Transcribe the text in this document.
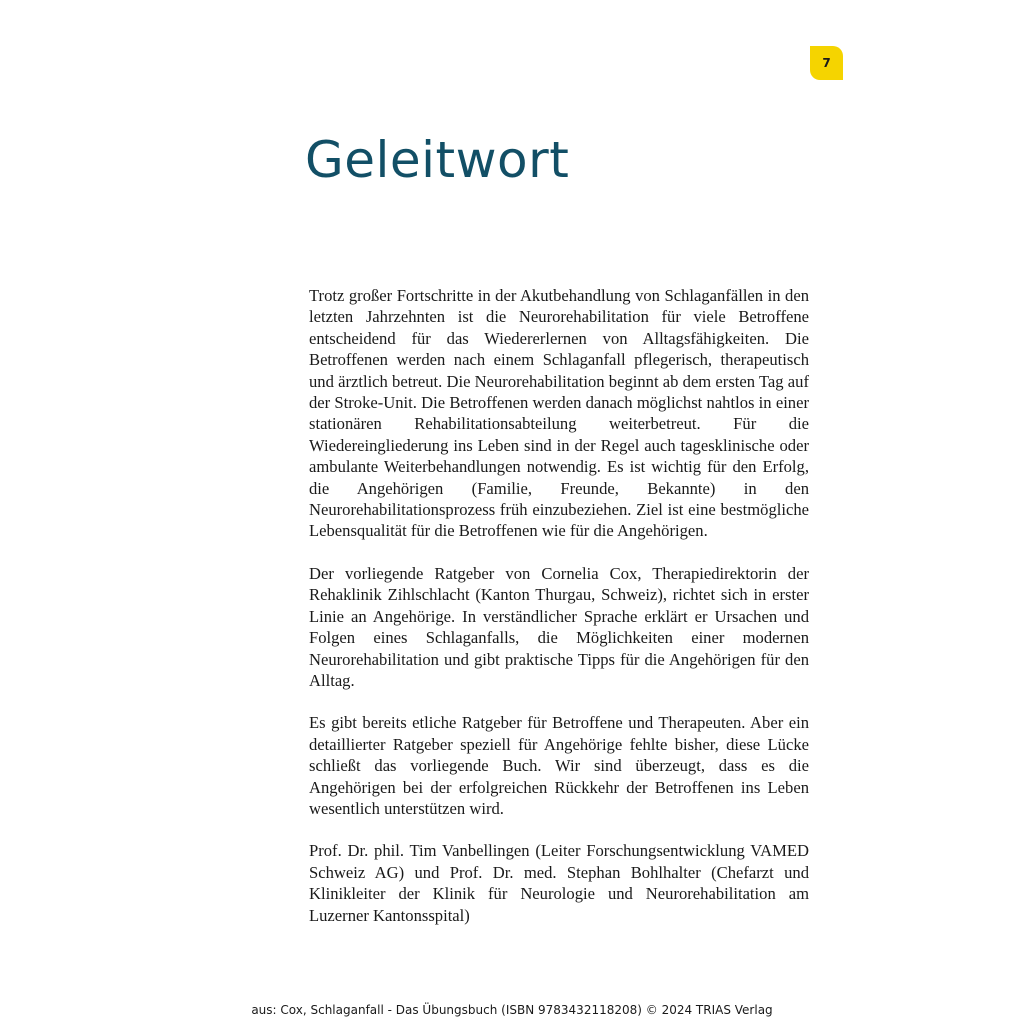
7
Geleitwort

Trotz großer Fortschritte in der Akutbehandlung von Schlaganfällen in den letzten Jahrzehnten ist die Neurorehabilitation für viele Betroffene entscheidend für das Wiedererlernen von Alltagsfähigkeiten. Die Betroffenen werden nach einem Schlaganfall pflegerisch, therapeutisch und ärztlich betreut. Die Neurorehabilitation beginnt ab dem ersten Tag auf der Stroke-Unit. Die Betroffenen werden danach möglichst nahtlos in einer stationären Rehabilitationsabteilung weiterbetreut. Für die Wiedereingliederung ins Leben sind in der Regel auch tagesklinische oder ambulante Weiterbehandlungen notwendig. Es ist wichtig für den Erfolg, die Angehörigen (Familie, Freunde, Bekannte) in den Neurorehabilitationsprozess früh einzubeziehen. Ziel ist eine bestmögliche Lebensqualität für die Betroffenen wie für die Angehörigen.

Der vorliegende Ratgeber von Cornelia Cox, Therapiedirektorin der Rehaklinik Zihlschlacht (Kanton Thurgau, Schweiz), richtet sich in erster Linie an Angehörige. In verständlicher Sprache erklärt er Ursachen und Folgen eines Schlaganfalls, die Möglichkeiten einer modernen Neurorehabilitation und gibt praktische Tipps für die Angehörigen für den Alltag.

Es gibt bereits etliche Ratgeber für Betroffene und Therapeuten. Aber ein detaillierter Ratgeber speziell für Angehörige fehlte bisher, diese Lücke schließt das vorliegende Buch. Wir sind überzeugt, dass es die Angehörigen bei der erfolgreichen Rückkehr der Betroffenen ins Leben wesentlich unterstützen wird.

Prof. Dr. phil. Tim Vanbellingen (Leiter Forschungsentwicklung VAMED Schweiz AG) und Prof. Dr. med. Stephan Bohlhalter (Chefarzt und Klinikleiter der Klinik für Neurologie und Neurorehabilitation am Luzerner Kantonsspital)

aus: Cox, Schlaganfall - Das Übungsbuch (ISBN 9783432118208) © 2024 TRIAS Verlag
